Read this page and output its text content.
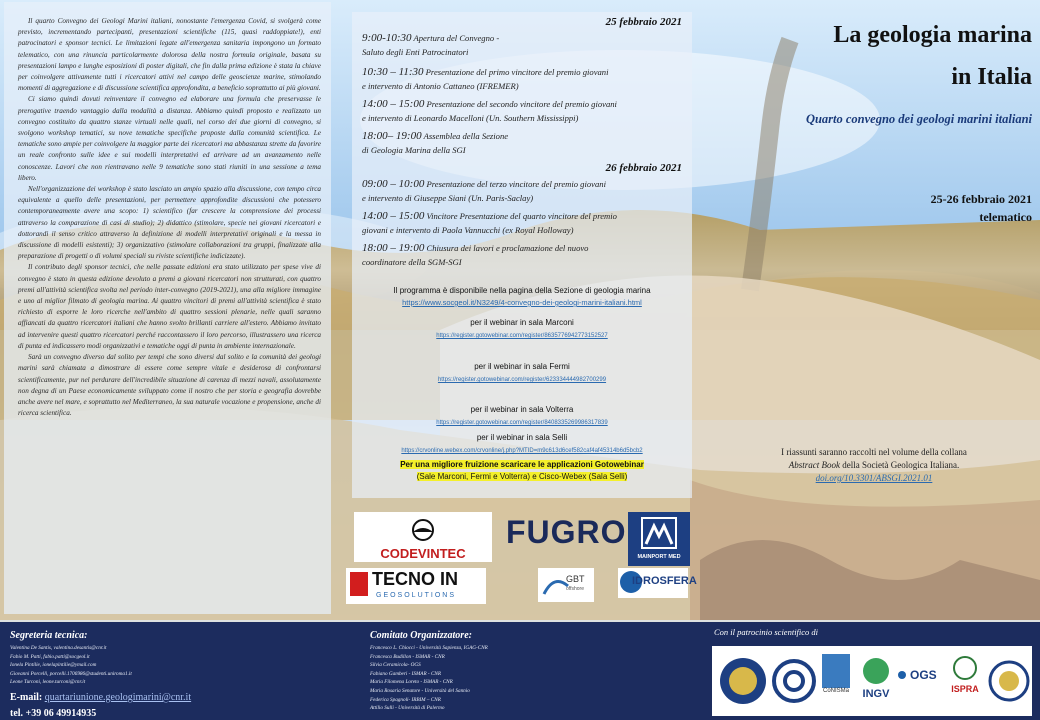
Il quarto Convegno dei Geologi Marini italiani, nonostante l'emergenza Covid, si svolgerà come previsto, incrementando partecipanti, presentazioni scientifiche (115, quasi raddoppiate!), enti patrocinatori e sponsor tecnici. Le limitazioni legate all'emergenza sanitaria impongono un formato telematico, con una rinuncia particolarmente dolorosa della nostra formula originale, basata su presentazioni lampo e lunghe esposizioni di poster digitali, che fin dalla prima edizione è stata la chiave per coinvolgere attivamente tutti i ricercatori attivi nel campo delle geoscienze marine, stimolando momenti di aggregazione e di discussione scientifica approfondita, a beneficio soprattutto ai più giovani.

Ci siamo quindi dovuti reinventare il convegno ed elaborare una formula che preservasse le prerogative traendo vantaggio dalla modalità a distanza. Abbiamo quindi proposto e realizzato un convegno costituito da quattro stanze virtuali nelle quali, nel corso dei due giorni di convegno, si svolgono workshop tematici, su nove tematiche specifiche proposte dalla comunità scientifica. Le tematiche sono ampie per coinvolgere la maggior parte dei ricercatori ma abbastanza strette da favorire un reale confronto sulle idee e sui modelli interpretativi ed arrivare ad un avanzamento nelle conoscenze. Lavori che non rientravano nelle 9 tematiche sono stati riuniti in una sessione a tema libero.

Nell'organizzazione dei workshop è stato lasciato un ampio spazio alla discussione, con tempo circa equivalente a quello delle presentazioni, per permettere approfondite discussioni che potessero contemporaneamente avere una scopo: 1) scientifico (far crescere la comprensione dei processi attraverso la comparazione di casi di studio); 2) didattico (stimolare, specie nei giovani ricercatori e dottorandi il senso critico attraverso la definizione di modelli interpretativi originali e la messa in discussione di modelli esistenti); 3) organizzativo (stimolare collaborazioni tra gruppi, finalizzate alla preparazione di progetti o di volumi speciali su riviste scientifiche indicizzate).

Il contributo degli sponsor tecnici, che nelle passate edizioni era stato utilizzato per spese vive di convegno è stato in questa edizione devoluto a premi a giovani ricercatori non strutturati, con quattro premi all'attività scientifica svolta nel periodo inter-convegno (2019-2021), una alla migliore immagine e uno al miglior filmato di geologia marina. Ai quattro vincitori di premi all'attività scientifica è stato richiesto di esporre le loro ricerche nell'ambito di quattro sessioni plenarie, nelle quali saranno affiancati da quattro ricercatori italiani che hanno svolto brillanti carriere all'estero. Abbiamo invitato ad intervenire questi quattro ricercatori perché raccontassero il loro percorso, illustrassero una ricerca di punta ed indicassero modi organizzativi e tematiche oggi di punta in ambiente internazionale.

Sarà un convegno diverso dal solito per tempi che sono diversi dal solito e la comunità dei geologi marini sarà chiamata a dimostrare di essere come sempre vitale e desiderosa di confrontarsi scientificamente, pur nel perdurare dell'incredibile situazione di carenza di mezzi navali, assolutamente non degna di un Paese economicamente sviluppato come il nostro che per storia e geografia dovrebbe anche avere nel mare, e soprattutto nel Mediterraneo, la sua naturale vocazione e propensione, anche di ricerca scientifica.

25 febbraio 2021
9:00-10:30 Apertura del Convegno -
Saluto degli Enti Patrocinatori
10:30 – 11:30 Presentazione del primo vincitore del premio giovani
e intervento di Antonio Cattaneo (IFREMER)
14:00 – 15:00 Presentazione del secondo vincitore del premio giovani
e intervento di Leonardo Macelloni (Un. Southern Mississippi)
18:00– 19:00 Assemblea della Sezione
di Geologia Marina della SGI
26 febbraio 2021
09:00 – 10:00 Presentazione del terzo vincitore del premio giovani
e intervento di Giuseppe Siani (Un. Paris-Saclay)
14:00 – 15:00 Vincitore Presentazione del quarto vincitore del premio
giovani e intervento di Paola Vannucchi (ex Royal Holloway)
18:00 – 19:00 Chiusura dei lavori e proclamazione del nuovo
coordinatore della SGM-SGI
Il programma è disponibile nella pagina della Sezione di geologia marina
https://www.socgeol.it/N3249/4-convegno-dei-geologi-marini-italiani.html
per il webinar in sala Marconi
https://register.gotowebinar.com/register/8635776942773152527
per il webinar in sala Fermi
https://register.gotowebinar.com/register/6233344449827002​99
per il webinar in sala Volterra
https://register.gotowebinar.com/register/8408335269986317839
per il webinar in sala Selli
https://crvonline.webex.com/crvonline/j.php?MTID=m9c613d6cef582caf4af45314b6d5bcb2
Per una migliore fruizione scaricare le applicazioni Gotowebinar
(Sale Marconi, Fermi e Volterra) e Cisco-Webex (Sala Selli)
La geologia marina
in Italia
Quarto convegno dei geologi marini italiani
25-26 febbraio 2021
telematico
I riassunti saranno raccolti nel volume della collana
Abstract Book della Società Geologica Italiana.
doi.org/10.3301/ABSGI.2021.01
CODEVINTEC
FUGRO
MAINPORT MED
TECNO IN
GEOSOLUTIONS
GBT
offshore
IDROSFERA
Segreteria tecnica:
Valentina De Santis, valentina.desantis@cnr.it
Fabio M. Patti, fabio.patti@socgeol.it
Ionela Pintilie, ionelapintilie@ymail.com
Giovanni Porcelli, porcelli.1706986@studenti.uniroma1.it
Leone Turconi, leone.turconi@cnr.it
E-mail: quartariunione.geologimarini@cnr.it
tel. +39 06 49914935
Comitato Organizzatore:
Francesco L. Chiocci - Università Sapienza, IGAG-CNR
Francesca Budillon - ISMAR - CNR
Silvia Ceramicola- OGS
Fabiano Gamberi - ISMAR - CNR
Maria Filomena Loreto - ISMAR - CNR
Maria Rosaria Senatore - Università del Sannio
Federica Spagnoli- IRBIM – CNR
Attilio Sulli - Università di Palermo
Con il patrocinio scientifico di
CoNISMa	INGV
OGS
ISPRA
